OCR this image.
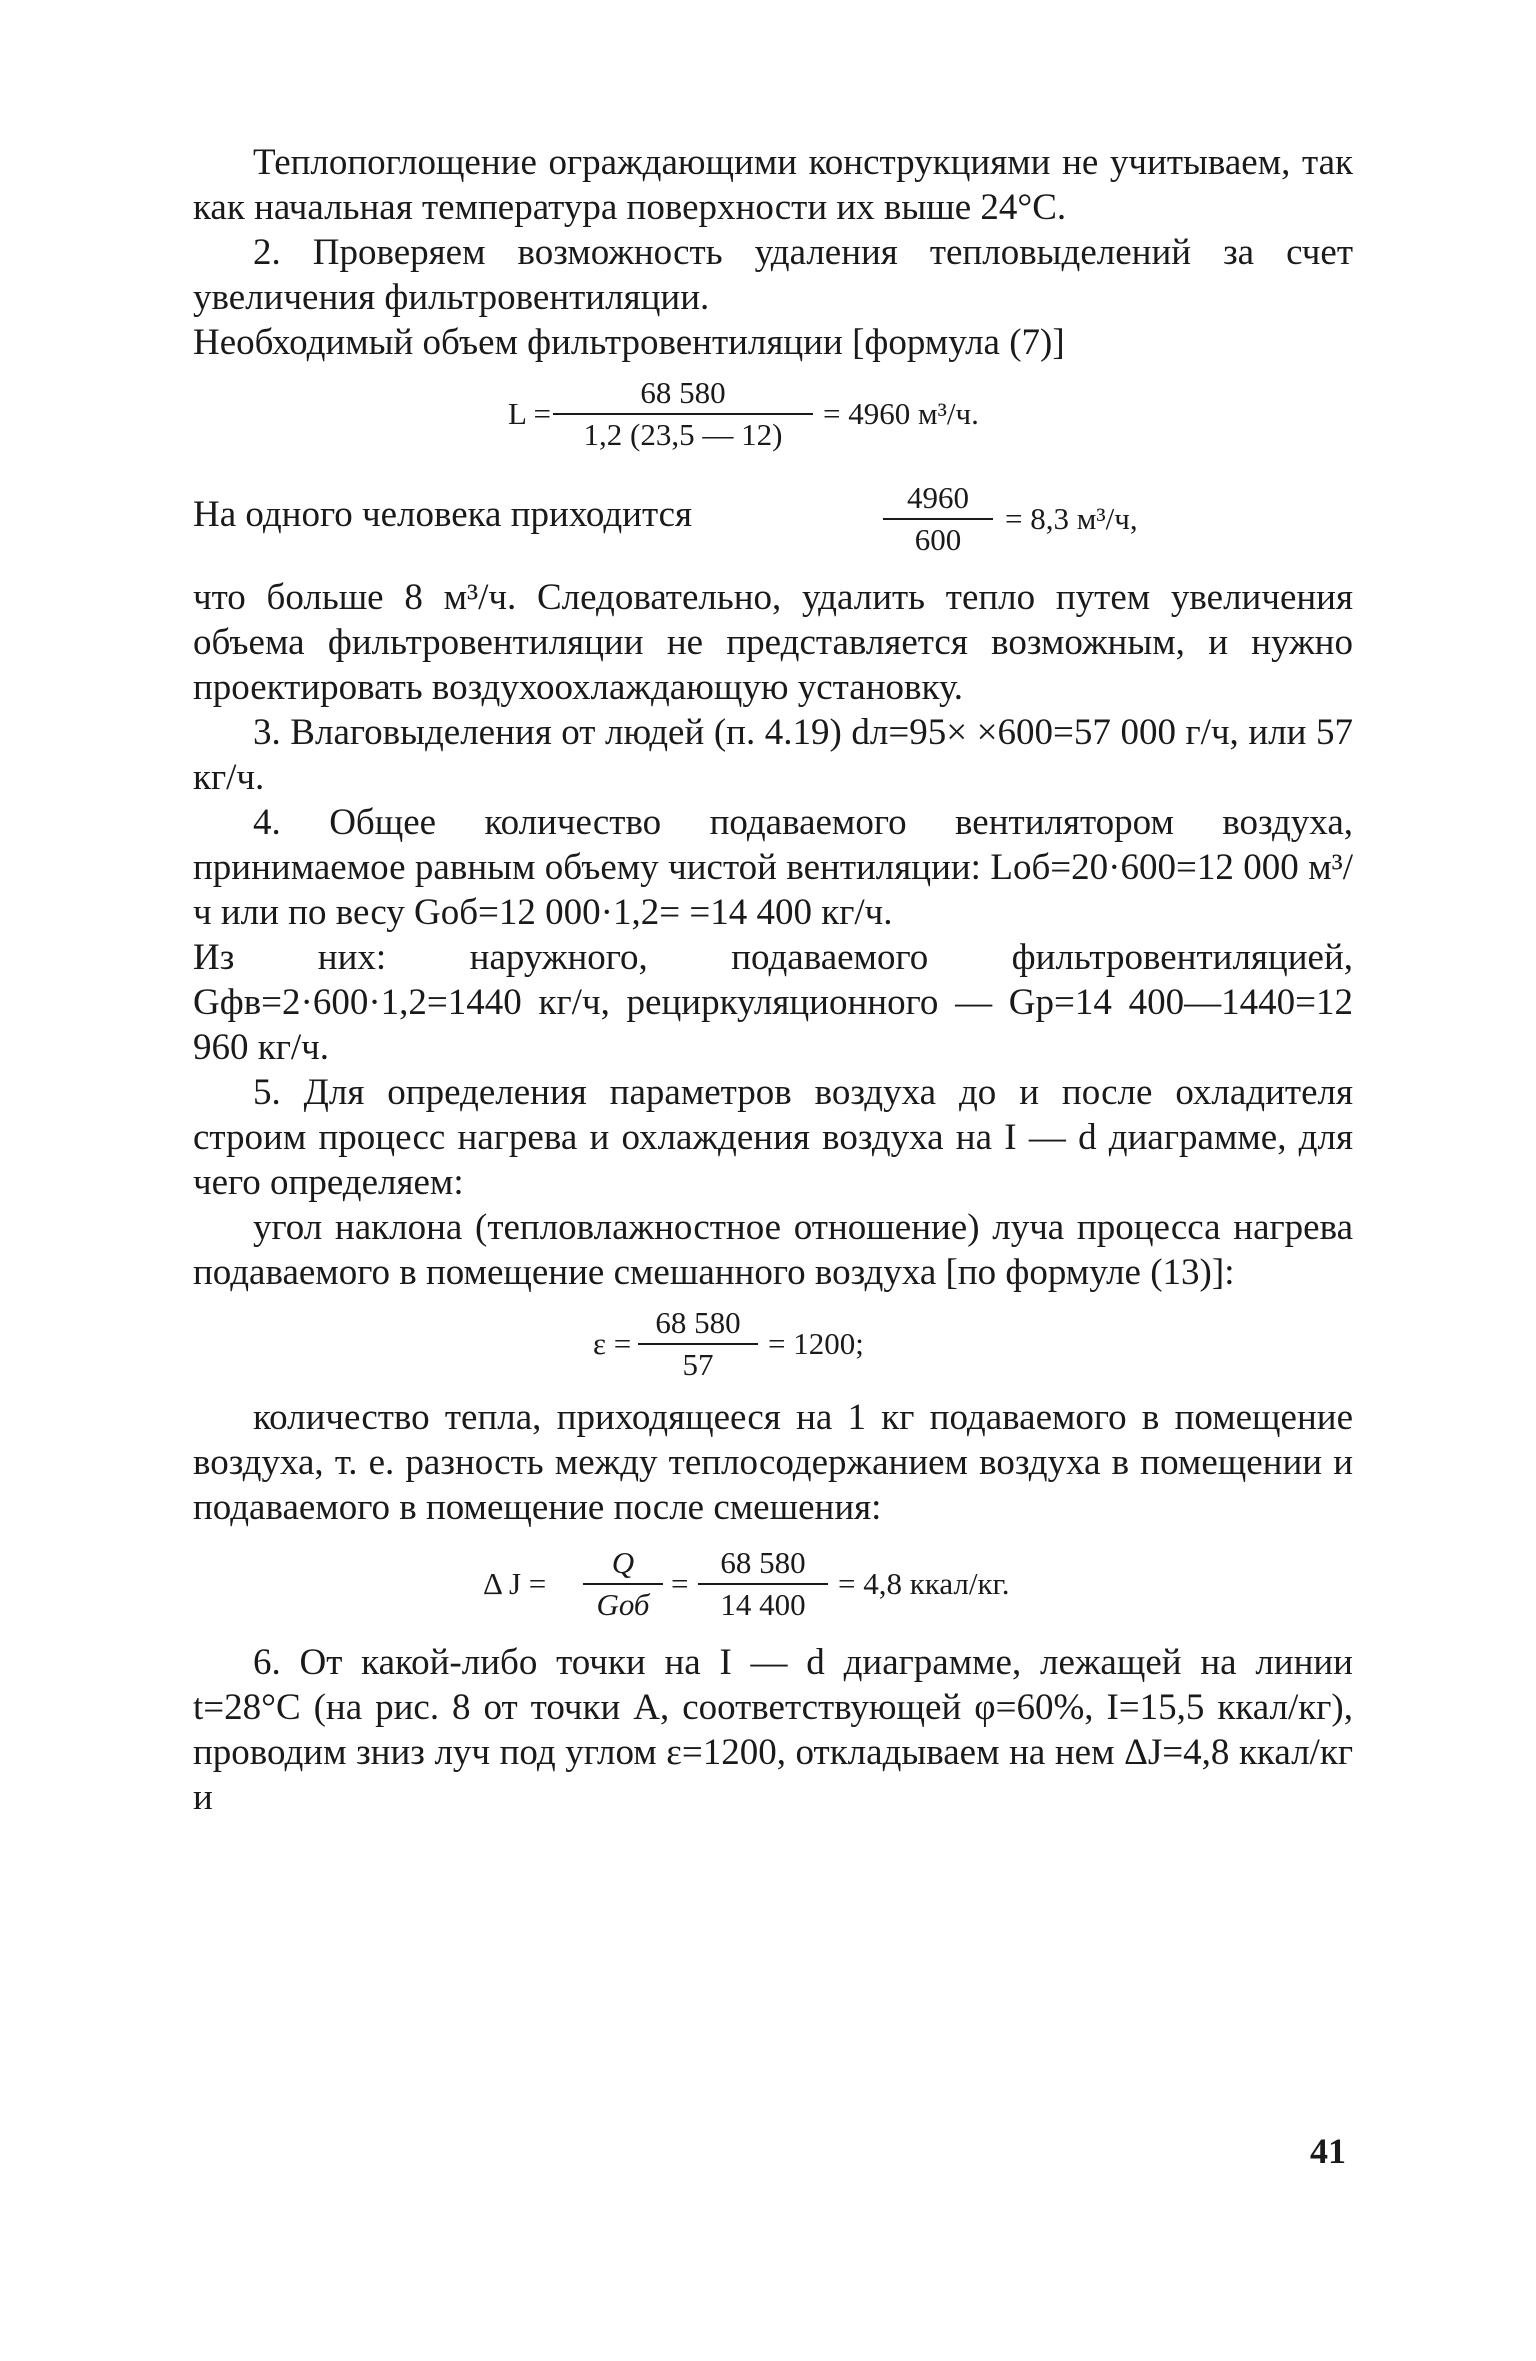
Теплопоглощение ограждающими конструкциями не учитываем, так как начальная температура поверхности их выше 24°С.

2. Проверяем возможность удаления тепловыделений за счет увеличения фильтровентиляции.

Необходимый объем фильтровентиляции [формула (7)]

L =
68 580
1,2 (23,5 — 12)
= 4960 м³/ч.
На одного человека приходится	4960
600
= 8,3 м³/ч,

что больше 8 м³/ч. Следовательно, удалить тепло путем увеличения объема фильтровентиляции не представляется возможным, и нужно проектировать воздухоохлаждающую установку.

3. Влаговыделения от людей (п. 4.19) dл=95× ×600=57 000 г/ч, или 57 кг/ч.

4. Общее количество подаваемого вентилятором воздуха, принимаемое равным объему чистой вентиляции: Lоб=20·600=12 000 м³/ч или по весу Gоб=12 000·1,2= =14 400 кг/ч.

Из них: наружного, подаваемого фильтровентиляцией, Gфв=2·600·1,2=1440 кг/ч, рециркуляционного — Gр=14 400—1440=12 960 кг/ч.

5. Для определения параметров воздуха до и после охладителя строим процесс нагрева и охлаждения воздуха на I — d диаграмме, для чего определяем:

угол наклона (тепловлажностное отношение) луча процесса нагрева подаваемого в помещение смешанного воздуха [по формуле (13)]:

ε =
68 580
57
= 1200;

количество тепла, приходящееся на 1 кг подаваемого в помещение воздуха, т. е. разность между теплосодержанием воздуха в помещении и подаваемого в помещение после смешения:

Δ J =
Q
Gоб
=
68 580
14 400
= 4,8 ккал/кг.

6. От какой-либо точки на I — d диаграмме, лежащей на линии t=28°С (на рис. 8 от точки А, соответствующей φ=60%, I=15,5 ккал/кг), проводим зниз луч под углом ε=1200, откладываем на нем ΔJ=4,8 ккал/кг и

41
